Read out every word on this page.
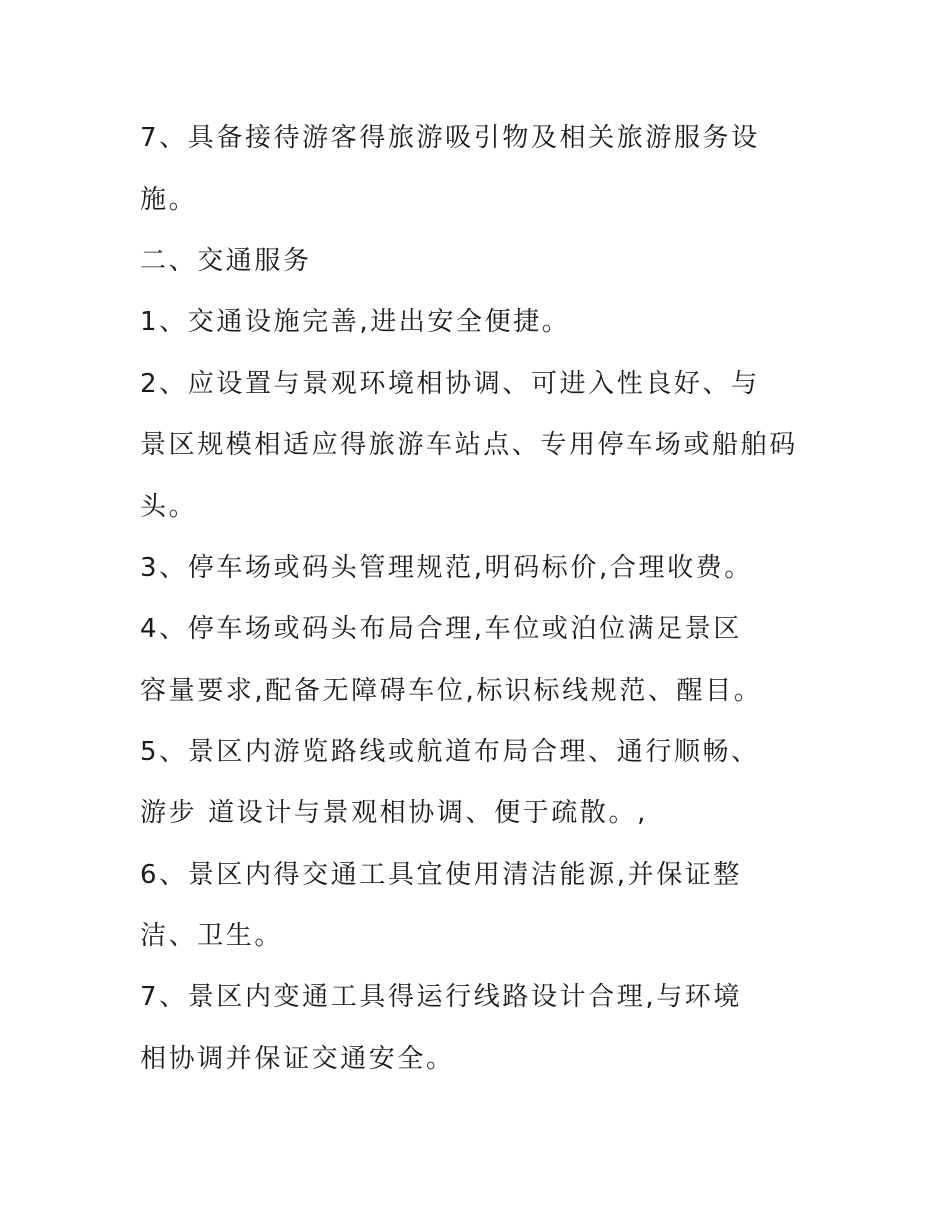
7、具备接待游客得旅游吸引物及相关旅游服务设
施。
二、交通服务
1、交通设施完善,进出安全便捷。
2、应设置与景观环境相协调、可进入性良好、与
景区规模相适应得旅游车站点、专用停车场或船舶码
头。
3、停车场或码头管理规范,明码标价,合理收费。
4、停车场或码头布局合理,车位或泊位满足景区
容量要求,配备无障碍车位,标识标线规范、醒目。
5、景区内游览路线或航道布局合理、通行顺畅、
游步 道设计与景观相协调、便于疏散。,
6、景区内得交通工具宜使用清洁能源,并保证整
洁、卫生。
7、景区内变通工具得运行线路设计合理,与环境
相协调并保证交通安全。
